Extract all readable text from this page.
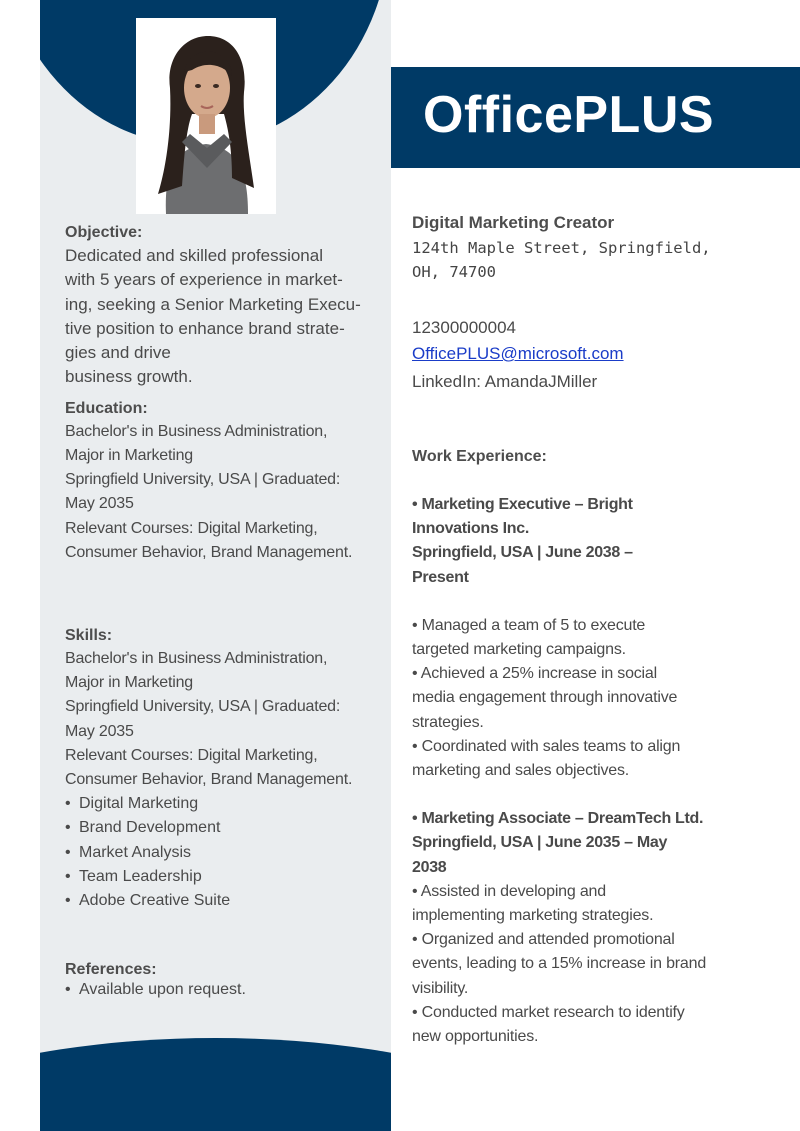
Objective:
Dedicated and skilled professional
with 5 years of experience in market-
ing, seeking a Senior Marketing Execu-
tive position to enhance brand strate-
gies and drive
business growth.
Education:
Bachelor's in Business Administration,
Major in Marketing
Springfield University, USA | Graduated:
May 2035
Relevant Courses: Digital Marketing,
Consumer Behavior, Brand Management.
Skills:
Bachelor's in Business Administration,
Major in Marketing
Springfield University, USA | Graduated:
May 2035
Relevant Courses: Digital Marketing,
Consumer Behavior, Brand Management.
• Digital Marketing
• Brand Development
• Market Analysis
• Team Leadership
• Adobe Creative Suite
References:
• Available upon request.
OfficePLUS
Digital Marketing Creator
124th Maple Street, Springfield,
OH, 74700
12300000004
OfficePLUS@microsoft.com
LinkedIn: AmandaJMiller
Work Experience:
• Marketing Executive – Bright
Innovations Inc.
Springfield, USA | June 2038 –
Present
• Managed a team of 5 to execute
targeted marketing campaigns.
• Achieved a 25% increase in social
media engagement through innovative
strategies.
• Coordinated with sales teams to align
marketing and sales objectives.
• Marketing Associate – DreamTech Ltd.
Springfield, USA | June 2035 – May
2038
• Assisted in developing and
implementing marketing strategies.
• Organized and attended promotional
events, leading to a 15% increase in brand
visibility.
• Conducted market research to identify
new opportunities.
